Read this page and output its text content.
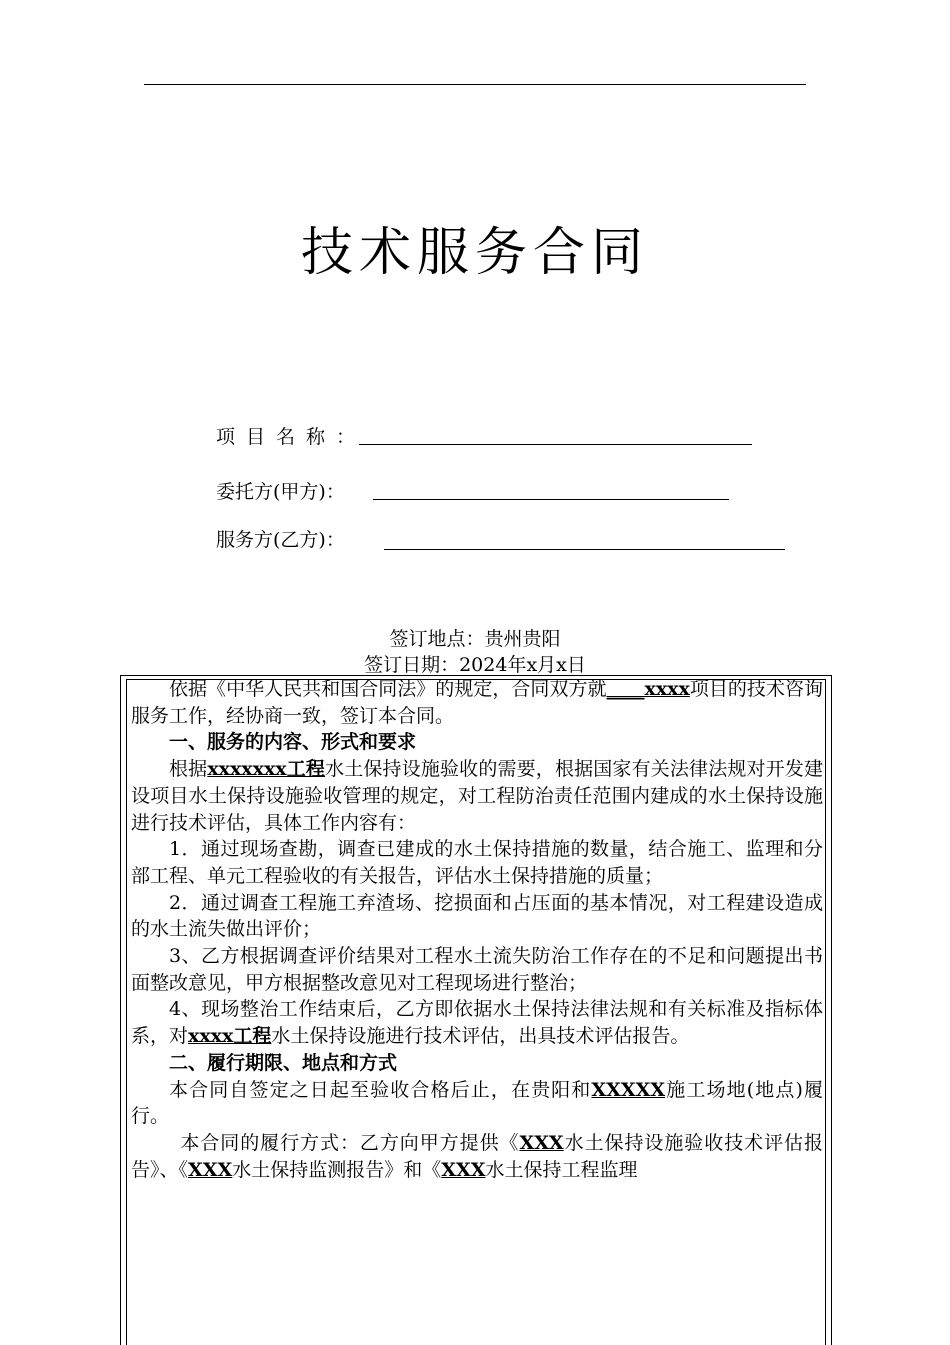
技术服务合同
项目名称：
委托方(甲方)：
服务方(乙方)：
签订地点：贵州贵阳
签订日期：2024年x月x日

依据《中华人民共和国合同法》的规定，合同双方就____xxxx项目的技术咨询服务工作，经协商一致，签订本合同。

一、服务的内容、形式和要求

根据xxxxxxx工程水土保持设施验收的需要，根据国家有关法律法规对开发建设项目水土保持设施验收管理的规定，对工程防治责任范围内建成的水土保持设施进行技术评估，具体工作内容有：

1．通过现场查勘，调查已建成的水土保持措施的数量，结合施工、监理和分部工程、单元工程验收的有关报告，评估水土保持措施的质量；

2．通过调查工程施工弃渣场、挖损面和占压面的基本情况，对工程建设造成的水土流失做出评价；

3、乙方根据调查评价结果对工程水土流失防治工作存在的不足和问题提出书面整改意见，甲方根据整改意见对工程现场进行整治；

4、现场整治工作结束后，乙方即依据水土保持法律法规和有关标准及指标体系，对xxxx工程水土保持设施进行技术评估，出具技术评估报告。

二、履行期限、地点和方式

本合同自签定之日起至验收合格后止，在贵阳和XXXXX施工场地(地点)履行。

本合同的履行方式：乙方向甲方提供《XXX水土保持设施验收技术评估报告》、《XXX水土保持监测报告》和《XXX水土保持工程监理
